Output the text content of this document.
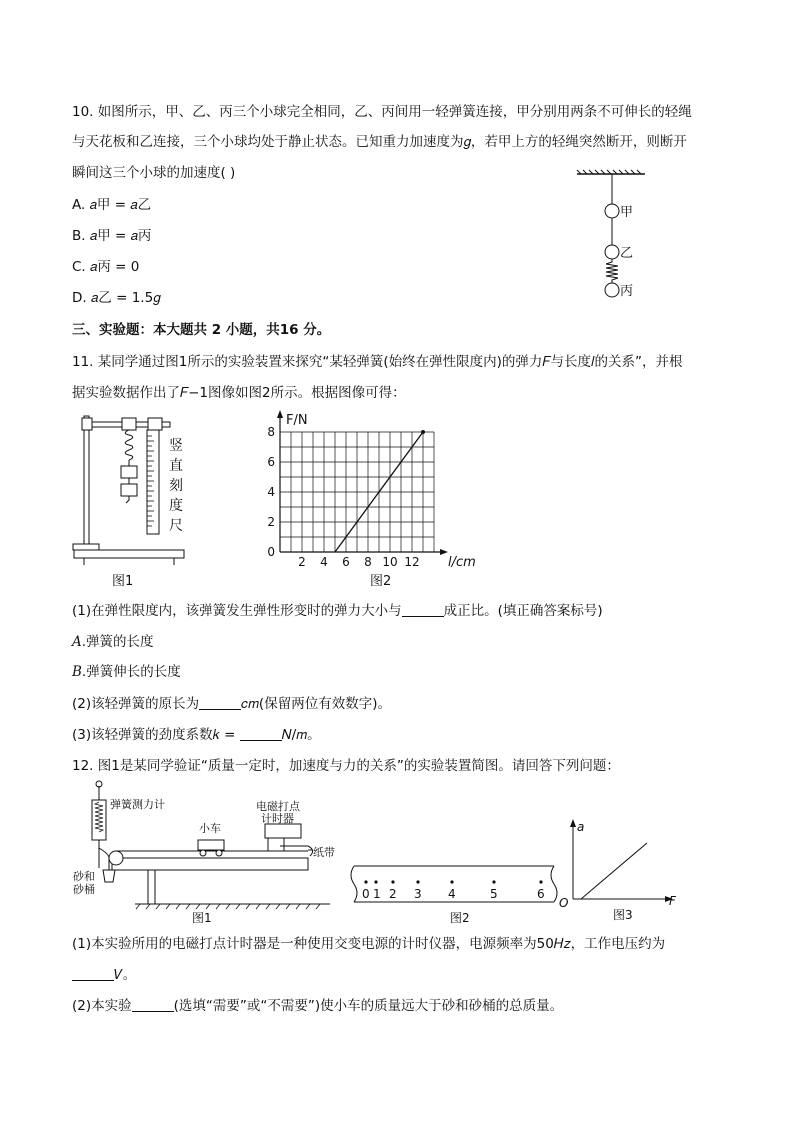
10. 如图所示，甲、乙、丙三个小球完全相同，乙、丙间用一轻弹簧连接，甲分别用两条不可伸长的轻绳
与天花板和乙连接，三个小球均处于静止状态。已知重力加速度为𝑔，若甲上方的轻绳突然断开，则断开
瞬间这三个小球的加速度( )
A. 𝑎甲 = 𝑎乙
B. 𝑎甲 = 𝑎丙
C. 𝑎丙 = 0
D. 𝑎乙 = 1.5𝑔
甲
乙
丙
三、实验题：本大题共 2 小题，共16 分。
11. 某同学通过图1所示的实验装置来探究“某轻弹簧(始终在弹性限度内)的弹力𝐹与长度𝑙的关系”，并根
据实验数据作出了𝐹−1图像如图2所示。根据图像可得：
竖
直
刻
度
尺
图1
2 4 6 8 10 12
0
2
4
6
8
F/N
l/cm
图2
(1)在弹性限度内，该弹簧发生弹性形变时的弹力大小与	成正比。(填正确答案标号)
𝐴.弹簧的长度
𝐵.弹簧伸长的长度
(2)该轻弹簧的原长为	𝑐𝑚(保留两位有效数字)。
(3)该轻弹簧的劲度系数𝑘 =	𝑁/𝑚。
12. 图1是某同学验证“质量一定时，加速度与力的关系”的实验装置简图。请回答下列问题：
弹簧测力计	电磁打点
计时器
小车
纸带
砂和
砂桶
图1
0 1 2 3 4	5	6
图2
a
F
O
图3
(1)本实验所用的电磁打点计时器是一种使用交变电源的计时仪器，电源频率为50𝐻𝑧，工作电压约为
𝑉。
(2)本实验	(选填“需要”或“不需要”)使小车的质量远大于砂和砂桶的总质量。
